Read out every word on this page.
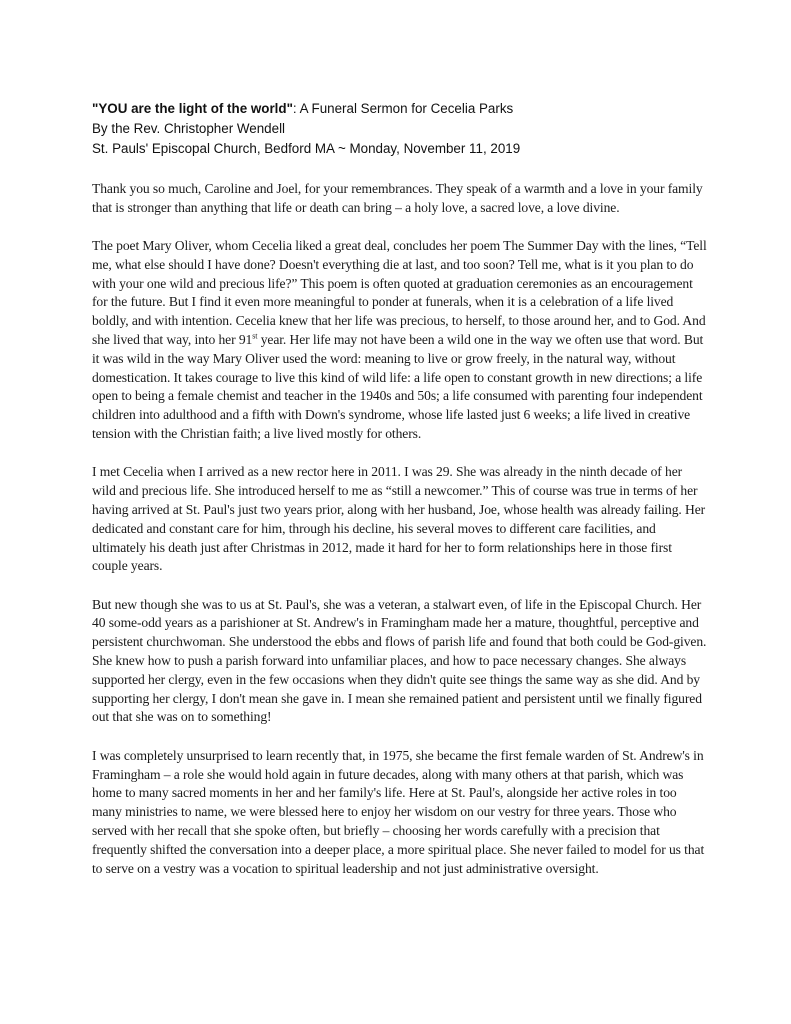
"YOU are the light of the world": A Funeral Sermon for Cecelia Parks
By the Rev. Christopher Wendell
St. Pauls' Episcopal Church, Bedford MA ~ Monday, November 11, 2019

Thank you so much, Caroline and Joel, for your remembrances. They speak of a warmth and a love in your family that is stronger than anything that life or death can bring – a holy love, a sacred love, a love divine.

The poet Mary Oliver, whom Cecelia liked a great deal, concludes her poem The Summer Day with the lines, “Tell me, what else should I have done? Doesn't everything die at last, and too soon? Tell me, what is it you plan to do with your one wild and precious life?” This poem is often quoted at graduation ceremonies as an encouragement for the future. But I find it even more meaningful to ponder at funerals, when it is a celebration of a life lived boldly, and with intention. Cecelia knew that her life was precious, to herself, to those around her, and to God. And she lived that way, into her 91st year. Her life may not have been a wild one in the way we often use that word. But it was wild in the way Mary Oliver used the word: meaning to live or grow freely, in the natural way, without domestication. It takes courage to live this kind of wild life: a life open to constant growth in new directions; a life open to being a female chemist and teacher in the 1940s and 50s; a life consumed with parenting four independent children into adulthood and a fifth with Down's syndrome, whose life lasted just 6 weeks; a life lived in creative tension with the Christian faith; a live lived mostly for others.

I met Cecelia when I arrived as a new rector here in 2011. I was 29. She was already in the ninth decade of her wild and precious life. She introduced herself to me as “still a newcomer.” This of course was true in terms of her having arrived at St. Paul's just two years prior, along with her husband, Joe, whose health was already failing. Her dedicated and constant care for him, through his decline, his several moves to different care facilities, and ultimately his death just after Christmas in 2012, made it hard for her to form relationships here in those first couple years.

But new though she was to us at St. Paul's, she was a veteran, a stalwart even, of life in the Episcopal Church. Her 40 some-odd years as a parishioner at St. Andrew's in Framingham made her a mature, thoughtful, perceptive and persistent churchwoman. She understood the ebbs and flows of parish life and found that both could be God-given. She knew how to push a parish forward into unfamiliar places, and how to pace necessary changes. She always supported her clergy, even in the few occasions when they didn't quite see things the same way as she did. And by supporting her clergy, I don't mean she gave in. I mean she remained patient and persistent until we finally figured out that she was on to something!

I was completely unsurprised to learn recently that, in 1975, she became the first female warden of St. Andrew's in Framingham – a role she would hold again in future decades, along with many others at that parish, which was home to many sacred moments in her and her family's life. Here at St. Paul's, alongside her active roles in too many ministries to name, we were blessed here to enjoy her wisdom on our vestry for three years. Those who served with her recall that she spoke often, but briefly – choosing her words carefully with a precision that frequently shifted the conversation into a deeper place, a more spiritual place. She never failed to model for us that to serve on a vestry was a vocation to spiritual leadership and not just administrative oversight.
